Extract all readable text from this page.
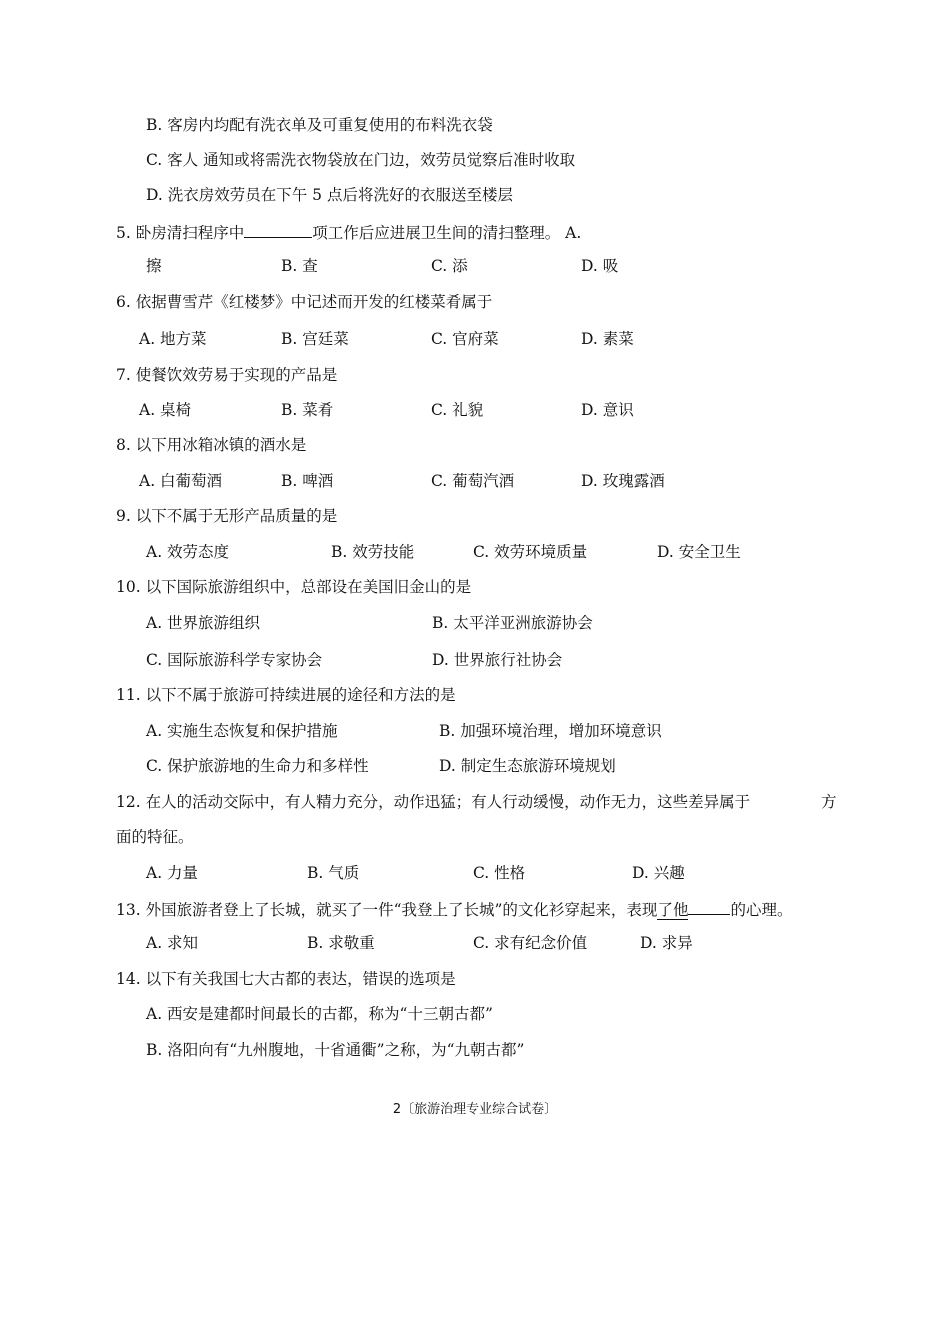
B. 客房内均配有洗衣单及可重复使用的布料洗衣袋
C. 客人 通知或将需洗衣物袋放在门边，效劳员觉察后准时收取
D. 洗衣房效劳员在下午 5 点后将洗好的衣服送至楼层
5. 卧房清扫程序中	项工作后应进展卫生间的清扫整理。 A.
擦	B. 查	C. 添	D. 吸
6. 依据曹雪芹《红楼梦》中记述而开发的红楼菜肴属于
A. 地方菜	B. 宫廷菜	C. 官府菜	D. 素菜
7. 使餐饮效劳易于实现的产品是
A. 桌椅	B. 菜肴	C. 礼貌	D. 意识
8. 以下用冰箱冰镇的酒水是
A. 白葡萄酒	B. 啤酒	C. 葡萄汽酒	D. 玫瑰露酒
9. 以下不属于无形产品质量的是
A. 效劳态度	B. 效劳技能	C. 效劳环境质量	D. 安全卫生
10. 以下国际旅游组织中，总部设在美国旧金山的是
A. 世界旅游组织	B. 太平洋亚洲旅游协会
C. 国际旅游科学专家协会	D. 世界旅行社协会
11. 以下不属于旅游可持续进展的途径和方法的是
A. 实施生态恢复和保护措施	B. 加强环境治理，增加环境意识
C. 保护旅游地的生命力和多样性	D. 制定生态旅游环境规划
12. 在人的活动交际中，有人精力充分，动作迅猛；有人行动缓慢，动作无力，这些差异属于	方
面的特征。
A. 力量	B. 气质	C. 性格	D. 兴趣
13. 外国旅游者登上了长城，就买了一件“我登上了长城”的文化衫穿起来，表现了他	的心理。
A. 求知	B. 求敬重	C. 求有纪念价值	D. 求异
14. 以下有关我国七大古都的表达，错误的选项是
A. 西安是建都时间最长的古都，称为“十三朝古都”
B. 洛阳向有“九州腹地，十省通衢”之称，为“九朝古都”
2〔旅游治理专业综合试卷〕
